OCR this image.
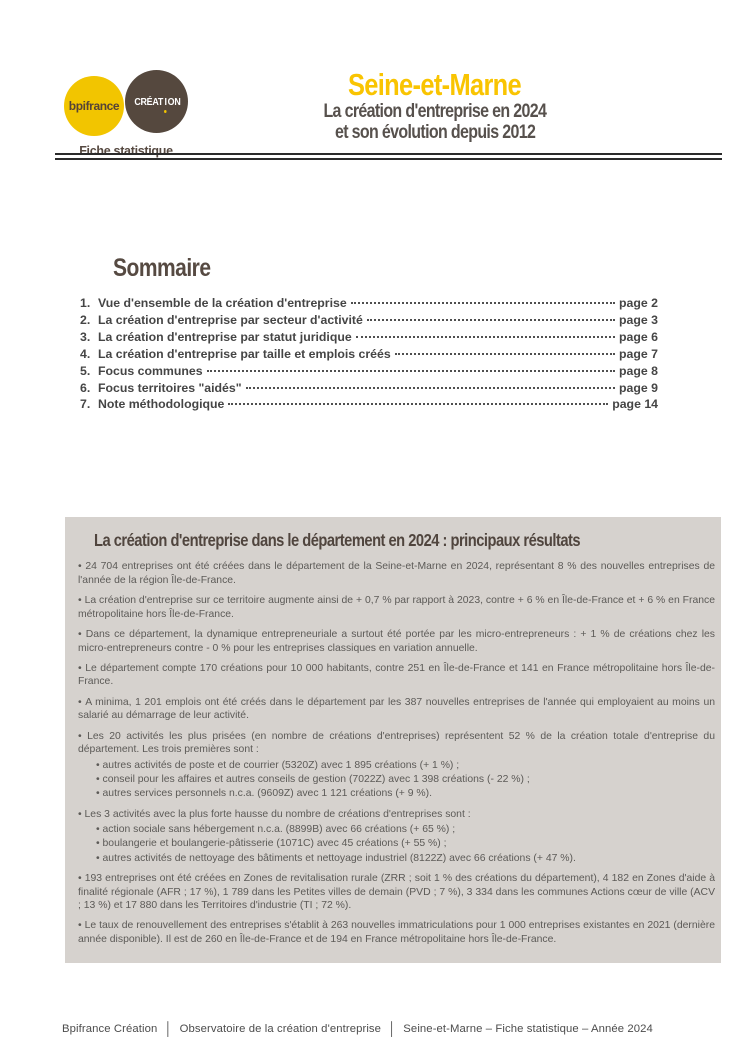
bpifrance CRÉATION
Fiche statistique
Seine-et-Marne

La création d'entreprise en 2024

et son évolution depuis 2012

Sommaire
1. Vue d'ensemble de la création d'entreprise	page 2
2. La création d'entreprise par secteur d'activité	page 3
3. La création d'entreprise par statut juridique	page 6
4. La création d'entreprise par taille et emplois créés	page 7
5. Focus communes	page 8
6. Focus territoires "aidés"	page 9
7. Note méthodologique	page 14
La création d'entreprise dans le département en 2024 : principaux résultats

• 24 704 entreprises ont été créées dans le département de la Seine-et-Marne en 2024, représentant 8 % des nouvelles entreprises de l'année de la région Île-de-France.

• La création d'entreprise sur ce territoire augmente ainsi de + 0,7 % par rapport à 2023, contre + 6 % en Île-de-France et + 6 % en France métropolitaine hors Île-de-France.

• Dans ce département, la dynamique entrepreneuriale a surtout été portée par les micro-entrepreneurs : + 1 % de créations chez les micro-entrepreneurs contre - 0 % pour les entreprises classiques en variation annuelle.

• Le département compte 170 créations pour 10 000 habitants, contre 251 en Île-de-France et 141 en France métropolitaine hors Île-de-France.

• A minima, 1 201 emplois ont été créés dans le département par les 387 nouvelles entreprises de l'année qui employaient au moins un salarié au démarrage de leur activité.

• Les 20 activités les plus prisées (en nombre de créations d'entreprises) représentent 52 % de la création totale d'entreprise du département. Les trois premières sont :

• autres activités de poste et de courrier (5320Z) avec 1 895 créations (+ 1 %) ;

• conseil pour les affaires et autres conseils de gestion (7022Z) avec 1 398 créations (- 22 %) ;

• autres services personnels n.c.a. (9609Z) avec 1 121 créations (+ 9 %).

• Les 3 activités avec la plus forte hausse du nombre de créations d'entreprises sont :

• action sociale sans hébergement n.c.a. (8899B) avec 66 créations (+ 65 %) ;

• boulangerie et boulangerie-pâtisserie (1071C) avec 45 créations (+ 55 %) ;

• autres activités de nettoyage des bâtiments et nettoyage industriel (8122Z) avec 66 créations (+ 47 %).

• 193 entreprises ont été créées en Zones de revitalisation rurale (ZRR ; soit 1 % des créations du département), 4 182 en Zones d'aide à finalité régionale (AFR ; 17 %), 1 789 dans les Petites villes de demain (PVD ; 7 %), 3 334 dans les communes Actions cœur de ville (ACV ; 13 %) et 17 880 dans les Territoires d'industrie (TI ; 72 %).

• Le taux de renouvellement des entreprises s'établit à 263 nouvelles immatriculations pour 1 000 entreprises existantes en 2021 (dernière année disponible). Il est de 260 en Île-de-France et de 194 en France métropolitaine hors Île-de-France.

Bpifrance Création │ Observatoire de la création d'entreprise │ Seine-et-Marne – Fiche statistique – Année 2024
